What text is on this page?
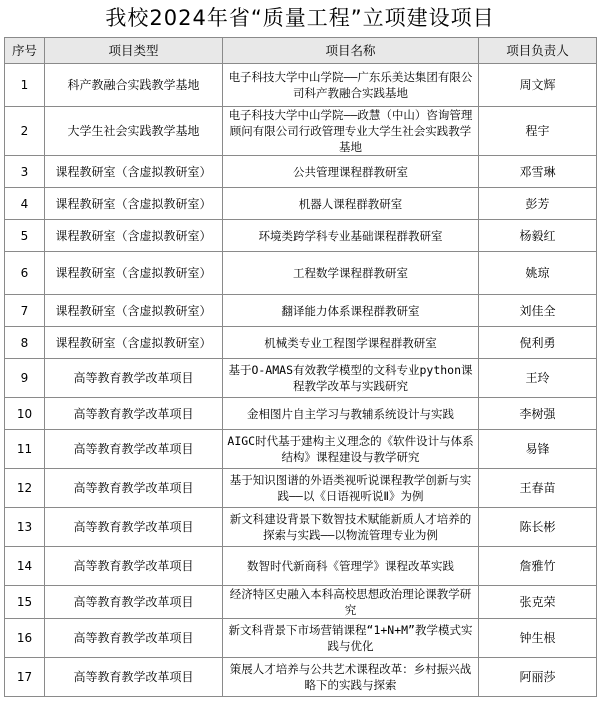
我校2024年省“质量工程”立项建设项目
序号	项目类型	项目名称	项目负责人
1	科产教融合实践教学基地	电子科技大学中山学院——广东乐美达集团有限公司科产教融合实践基地	周文辉
2	大学生社会实践教学基地	电子科技大学中山学院——政慧（中山）咨询管理顾问有限公司行政管理专业大学生社会实践教学基地	程宇
3	课程教研室（含虚拟教研室）	公共管理课程群教研室	邓雪琳
4	课程教研室（含虚拟教研室）	机器人课程群教研室	彭芳
5	课程教研室（含虚拟教研室）	环境类跨学科专业基础课程群教研室	杨毅红
6	课程教研室（含虚拟教研室）	工程数学课程群教研室	姚琼
7	课程教研室（含虚拟教研室）	翻译能力体系课程群教研室	刘佳全
8	课程教研室（含虚拟教研室）	机械类专业工程图学课程群教研室	倪利勇
9	高等教育教学改革项目	基于O-AMAS有效教学模型的文科专业python课程教学改革与实践研究	王玲
10	高等教育教学改革项目	金相图片自主学习与教辅系统设计与实践	李树强
11	高等教育教学改革项目	AIGC时代基于建构主义理念的《软件设计与体系结构》课程建设与教学研究	易锋
12	高等教育教学改革项目	基于知识图谱的外语类视听说课程教学创新与实践——以《日语视听说Ⅱ》为例	王春苗
13	高等教育教学改革项目	新文科建设背景下数智技术赋能新质人才培养的探索与实践——以物流管理专业为例	陈长彬
14	高等教育教学改革项目	数智时代新商科《管理学》课程改革实践	詹雅竹
15	高等教育教学改革项目	经济特区史融入本科高校思想政治理论课教学研究	张克荣
16	高等教育教学改革项目	新文科背景下市场营销课程“1+N+M”教学模式实践与优化	钟生根
17	高等教育教学改革项目	策展人才培养与公共艺术课程改革：乡村振兴战略下的实践与探索	阿丽莎
